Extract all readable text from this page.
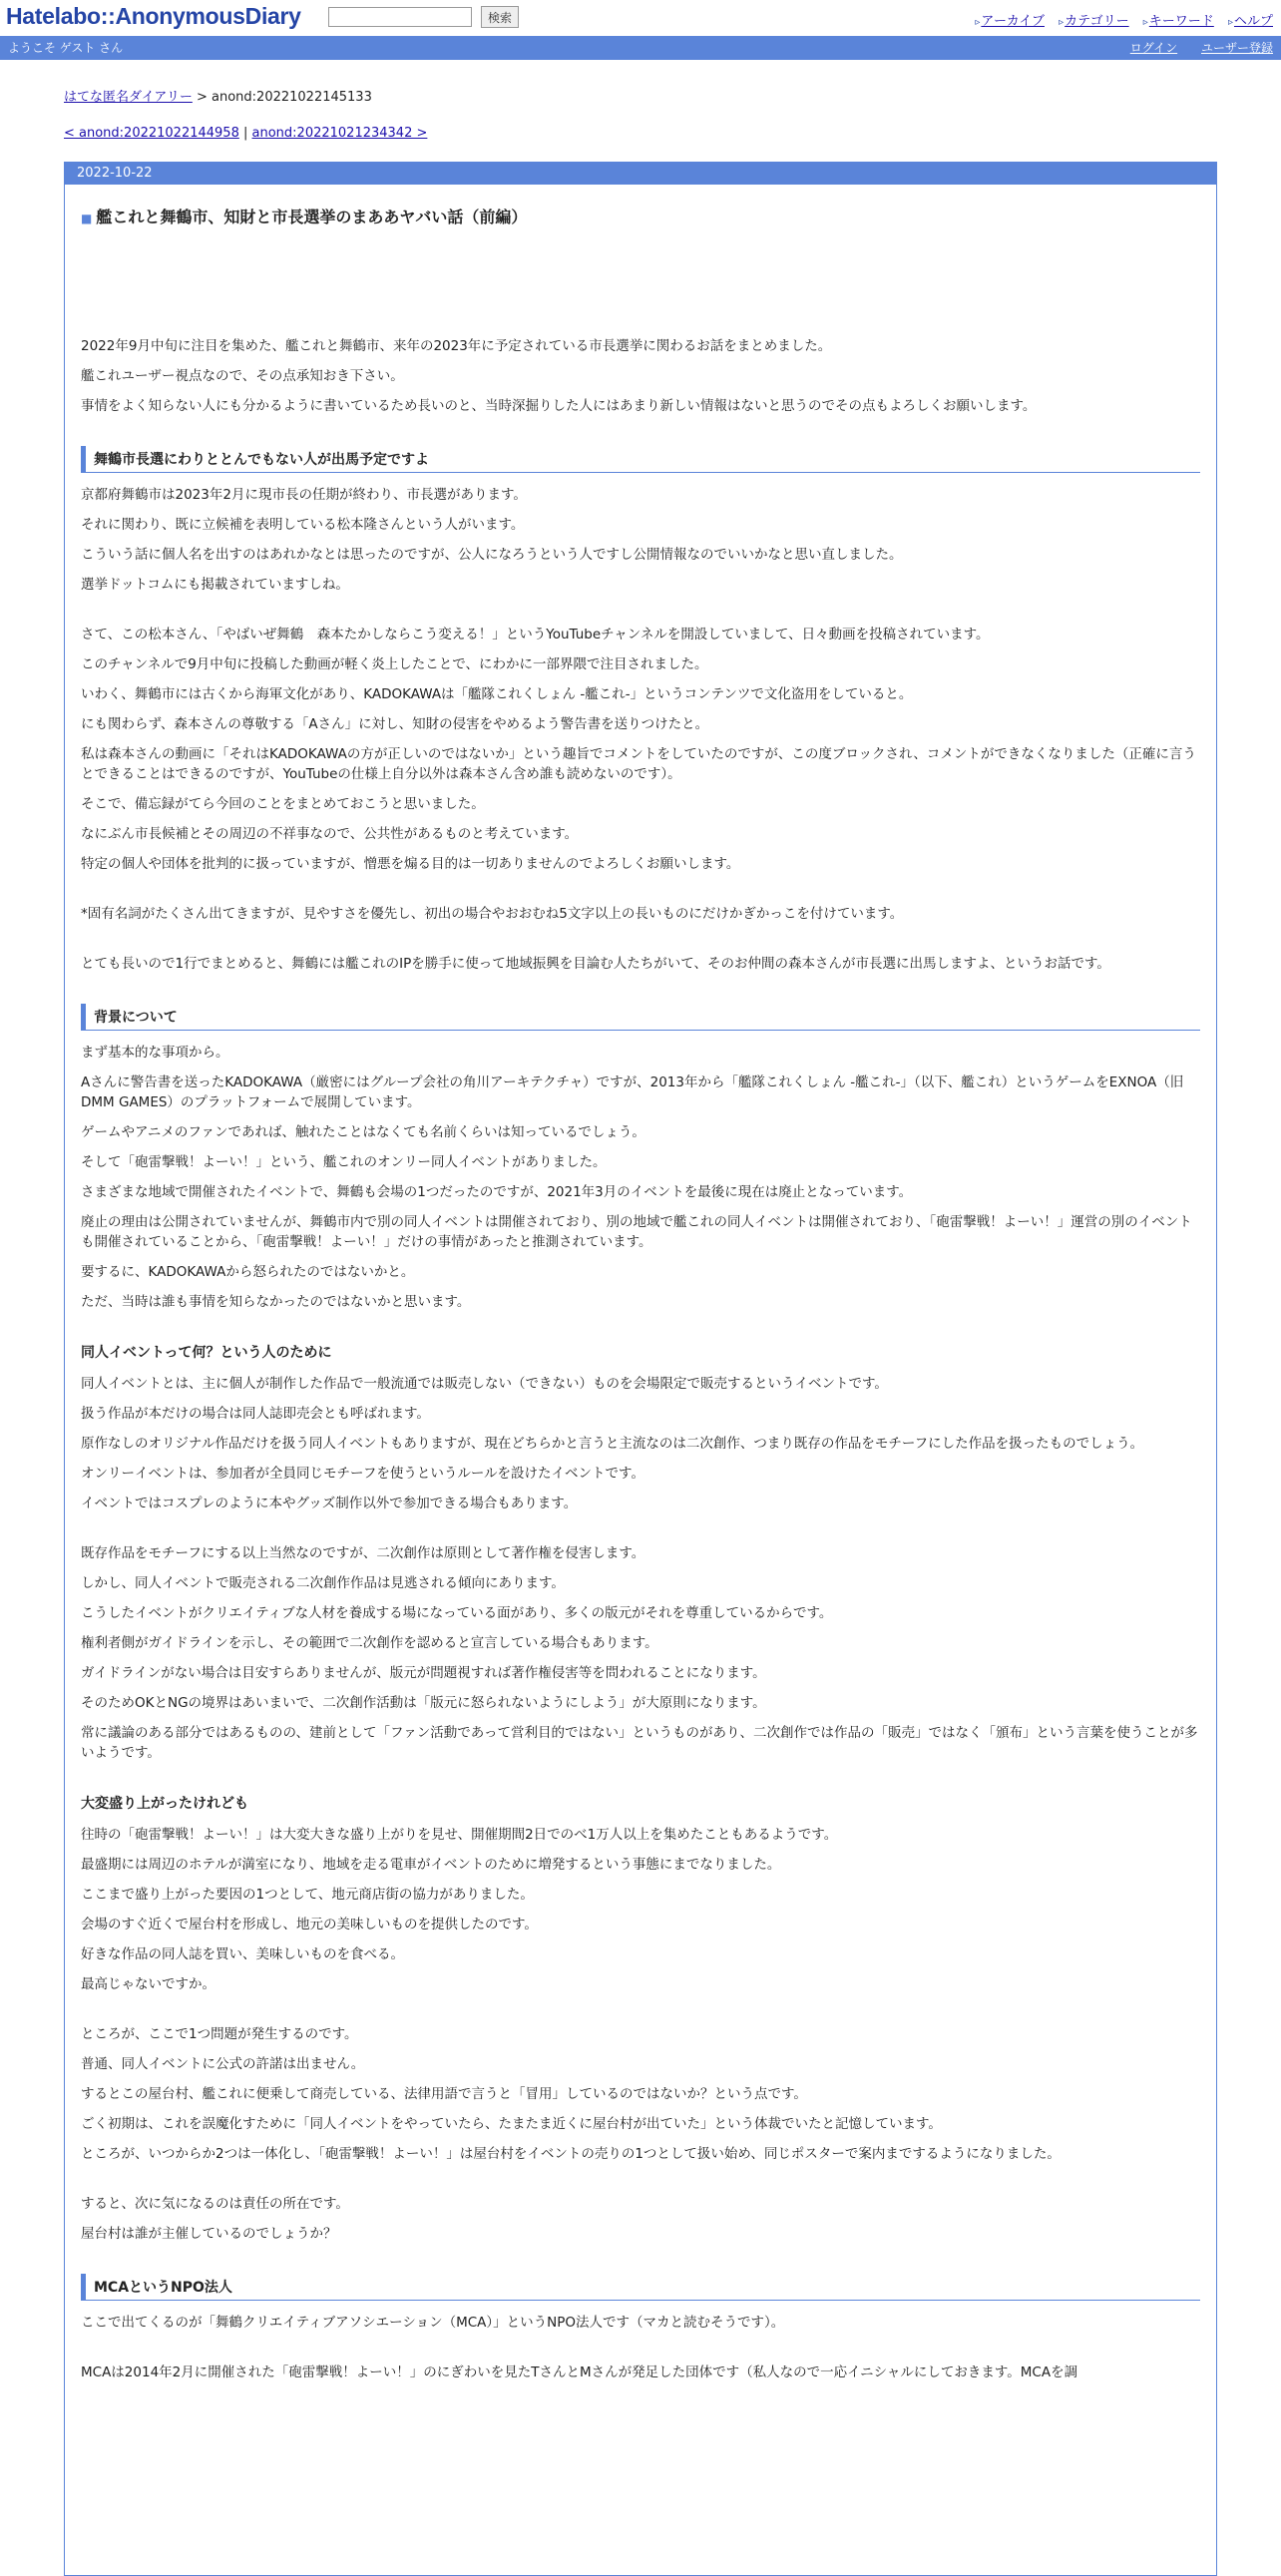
Hatelabo::AnonymousDiary	検索	▹ アーカイブ ▹ カテゴリー ▹ キーワード ▹ ヘルプ
ようこそ ゲスト さん	ログイン ユーザー登録
はてな匿名ダイアリー > anond:20221022145133
< anond:20221022144958 | anond:20221021234342 >
2022-10-22
■ 艦これと舞鶴市、知財と市長選挙のまああヤバい話（前編）
2022年9月中旬に注目を集めた、艦これと舞鶴市、来年の2023年に予定されている市長選挙に関わるお話をまとめました。
艦これユーザー視点なので、その点承知おき下さい。
事情をよく知らない人にも分かるように書いているため長いのと、当時深掘りした人にはあまり新しい情報はないと思うのでその点もよろしくお願いします。
舞鶴市長選にわりととんでもない人が出馬予定ですよ
京都府舞鶴市は2023年2月に現市長の任期が終わり、市長選があります。
それに関わり、既に立候補を表明している松本隆さんという人がいます。
こういう話に個人名を出すのはあれかなとは思ったのですが、公人になろうという人ですし公開情報なのでいいかなと思い直しました。
選挙ドットコムにも掲載されていますしね。
さて、この松本さん、「やばいぜ舞鶴　森本たかしならこう変える！」というYouTubeチャンネルを開設していまして、日々動画を投稿されています。
このチャンネルで9月中旬に投稿した動画が軽く炎上したことで、にわかに一部界隈で注目されました。
いわく、舞鶴市には古くから海軍文化があり、KADOKAWAは「艦隊これくしょん -艦これ-」というコンテンツで文化盗用をしていると。
にも関わらず、森本さんの尊敬する「Aさん」に対し、知財の侵害をやめるよう警告書を送りつけたと。
私は森本さんの動画に「それはKADOKAWAの方が正しいのではないか」という趣旨でコメントをしていたのですが、この度ブロックされ、コメントができなくなりました（正確に言うとできることはできるのですが、YouTubeの仕様上自分以外は森本さん含め誰も読めないのです）。
そこで、備忘録がてら今回のことをまとめておこうと思いました。
なにぶん市長候補とその周辺の不祥事なので、公共性があるものと考えています。
特定の個人や団体を批判的に扱っていますが、憎悪を煽る目的は一切ありませんのでよろしくお願いします。
*固有名詞がたくさん出てきますが、見やすさを優先し、初出の場合やおおむね5文字以上の長いものにだけかぎかっこを付けています。
とても長いので1行でまとめると、舞鶴には艦これのIPを勝手に使って地域振興を目論む人たちがいて、そのお仲間の森本さんが市長選に出馬しますよ、というお話です。
背景について
まず基本的な事項から。
Aさんに警告書を送ったKADOKAWA（厳密にはグループ会社の角川アーキテクチャ）ですが、2013年から「艦隊これくしょん -艦これ-」（以下、艦これ）というゲームをEXNOA（旧DMM GAMES）のプラットフォームで展開しています。
ゲームやアニメのファンであれば、触れたことはなくても名前くらいは知っているでしょう。
そして「砲雷撃戦！よーい！」という、艦これのオンリー同人イベントがありました。
さまざまな地域で開催されたイベントで、舞鶴も会場の1つだったのですが、2021年3月のイベントを最後に現在は廃止となっています。
廃止の理由は公開されていませんが、舞鶴市内で別の同人イベントは開催されており、別の地域で艦これの同人イベントは開催されており、「砲雷撃戦！よーい！」運営の別のイベントも開催されていることから、「砲雷撃戦！よーい！」だけの事情があったと推測されています。
要するに、KADOKAWAから怒られたのではないかと。
ただ、当時は誰も事情を知らなかったのではないかと思います。
同人イベントって何？という人のために
同人イベントとは、主に個人が制作した作品で一般流通では販売しない（できない）ものを会場限定で販売するというイベントです。
扱う作品が本だけの場合は同人誌即売会とも呼ばれます。
原作なしのオリジナル作品だけを扱う同人イベントもありますが、現在どちらかと言うと主流なのは二次創作、つまり既存の作品をモチーフにした作品を扱ったものでしょう。
オンリーイベントは、参加者が全員同じモチーフを使うというルールを設けたイベントです。
イベントではコスプレのように本やグッズ制作以外で参加できる場合もあります。
既存作品をモチーフにする以上当然なのですが、二次創作は原則として著作権を侵害します。
しかし、同人イベントで販売される二次創作作品は見逃される傾向にあります。
こうしたイベントがクリエイティブな人材を養成する場になっている面があり、多くの版元がそれを尊重しているからです。
権利者側がガイドラインを示し、その範囲で二次創作を認めると宣言している場合もあります。
ガイドラインがない場合は目安すらありませんが、版元が問題視すれば著作権侵害等を問われることになります。
そのためOKとNGの境界はあいまいで、二次創作活動は「版元に怒られないようにしよう」が大原則になります。
常に議論のある部分ではあるものの、建前として「ファン活動であって営利目的ではない」というものがあり、二次創作では作品の「販売」ではなく「頒布」という言葉を使うことが多いようです。
大変盛り上がったけれども
往時の「砲雷撃戦！よーい！」は大変大きな盛り上がりを見せ、開催期間2日でのべ1万人以上を集めたこともあるようです。
最盛期には周辺のホテルが満室になり、地域を走る電車がイベントのために増発するという事態にまでなりました。
ここまで盛り上がった要因の1つとして、地元商店街の協力がありました。
会場のすぐ近くで屋台村を形成し、地元の美味しいものを提供したのです。
好きな作品の同人誌を買い、美味しいものを食べる。
最高じゃないですか。
ところが、ここで1つ問題が発生するのです。
普通、同人イベントに公式の許諾は出ません。
するとこの屋台村、艦これに便乗して商売している、法律用語で言うと「冒用」しているのではないか？という点です。
ごく初期は、これを誤魔化すために「同人イベントをやっていたら、たまたま近くに屋台村が出ていた」という体裁でいたと記憶しています。
ところが、いつからか2つは一体化し、「砲雷撃戦！よーい！」は屋台村をイベントの売りの1つとして扱い始め、同じポスターで案内までするようになりました。
すると、次に気になるのは責任の所在です。
屋台村は誰が主催しているのでしょうか？
MCAというNPO法人
ここで出てくるのが「舞鶴クリエイティブアソシエーション（MCA）」というNPO法人です（マカと読むそうです）。
MCAは2014年2月に開催された「砲雷撃戦！よーい！」のにぎわいを見たTさんとMさんが発足した団体です（私人なので一応イニシャルにしておきます。MCAを調
